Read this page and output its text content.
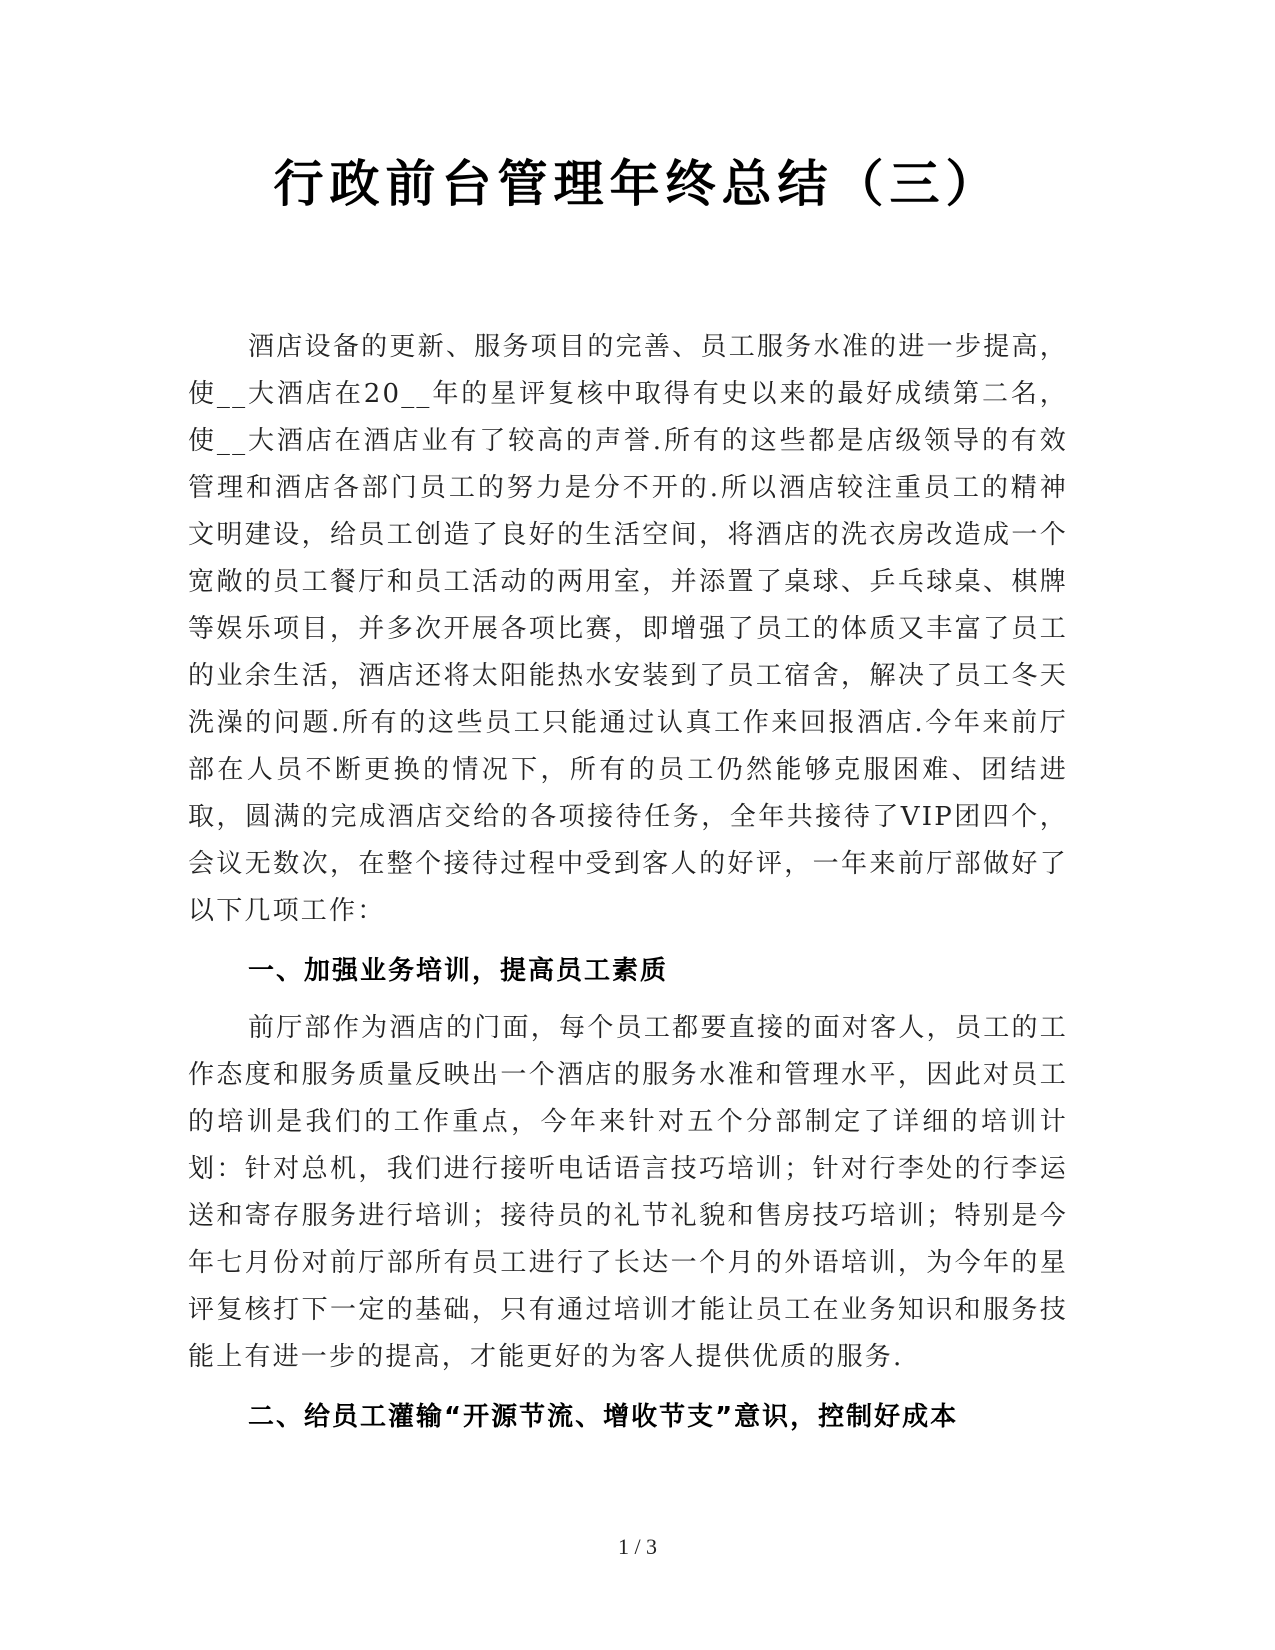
行政前台管理年终总结（三）

酒店设备的更新、服务项目的完善、员工服务水准的进一步提高，使__大酒店在20__年的星评复核中取得有史以来的最好成绩第二名，使__大酒店在酒店业有了较高的声誉.所有的这些都是店级领导的有效管理和酒店各部门员工的努力是分不开的.所以酒店较注重员工的精神文明建设，给员工创造了良好的生活空间，将酒店的洗衣房改造成一个宽敞的员工餐厅和员工活动的两用室，并添置了桌球、乒乓球桌、棋牌等娱乐项目，并多次开展各项比赛，即增强了员工的体质又丰富了员工的业余生活，酒店还将太阳能热水安装到了员工宿舍，解决了员工冬天洗澡的问题.所有的这些员工只能通过认真工作来回报酒店.今年来前厅部在人员不断更换的情况下，所有的员工仍然能够克服困难、团结进取，圆满的完成酒店交给的各项接待任务，全年共接待了VIP团四个，会议无数次，在整个接待过程中受到客人的好评，一年来前厅部做好了以下几项工作：

一、加强业务培训，提高员工素质

前厅部作为酒店的门面，每个员工都要直接的面对客人，员工的工作态度和服务质量反映出一个酒店的服务水准和管理水平，因此对员工的培训是我们的工作重点，今年来针对五个分部制定了详细的培训计划：针对总机，我们进行接听电话语言技巧培训；针对行李处的行李运送和寄存服务进行培训；接待员的礼节礼貌和售房技巧培训；特别是今年七月份对前厅部所有员工进行了长达一个月的外语培训，为今年的星评复核打下一定的基础，只有通过培训才能让员工在业务知识和服务技能上有进一步的提高，才能更好的为客人提供优质的服务.

二、给员工灌输“开源节流、增收节支”意识，控制好成本
1 / 3
